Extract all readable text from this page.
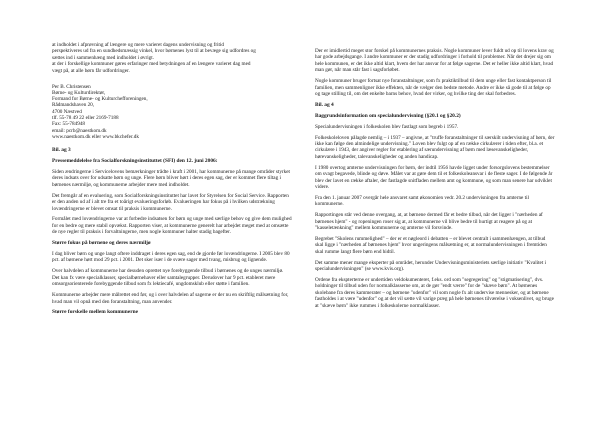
at indholdet i afprøvning af længere og mere varieret dagens undervisning og fritid
perspektiveres ud fra en sundhedsmæssig vinkel, hvor børnenes lyst til at bevæge sig udfordres og
sættes ind i sammenhæng med indholdet i øvrigt.
at der i forskellige kommuner gøres erfaringer med betydningen af en længere varieret dag med
vægt på, at alle børn får udfordringer.

Per B. Christensen
Børne- og Kulturdirektør,
Formand for Børne- og Kulturchefforeningen,
Rådmandshaven 20,
4700 Næstved
tlf. 55-78 49 22 eller 2169-7188
Fax: 55-784948
email: pcrb@naestkom.dk
www.naestkom.dk eller www.bkchefer.dk

Bil. ag 3

Pressemeddelelse fra Socialforskningsinstituttet (SFI) den 12. juni 2006:

Siden ændringerne i Servicelovens bemærkninger trådte i kraft i 2001, har kommunerne på mange områder styrket deres indsats over for udsatte børn og unge. Flere børn bliver hørt i deres egen sag, der er kommet flere tiltag i børnenes nærmiljø, og kommunerne arbejder mere med indholdet.

Det fremgår af en evaluering, som Socialforskningsinstituttet har lavet for Styrelsen for Social Service. Rapporten er den anden ud af i alt tre fra et toårigt evalueringsforløb. Evalueringen har fokus på i hvilken udstrækning lovændringerne er blevet omsat til praksis i kommunerne.

Formålet med lovændringerne var at forbedre indsatsen for børn og unge med særlige behov og give dem mulighed for en bedre og mere stabil opvækst. Rapporten viser, at kommunerne generelt har arbejdet meget med at omsætte de nye regler til praksis i forvaltningerne, men nogle kommuner halter stadig bagefter.

Større fokus på børnene og deres nærmiljø

I dag bliver børn og unge langt oftere inddraget i deres egen sag, end de gjorde før lovændringerne. I 2005 blev 80 pct. af børnene hørt mod 29 pct. i 2001. Det sker især i de svære sager med tvang, misbrug og lignende.

Over halvdelen af kommunerne har desuden oprettet nye forebyggende tilbud i børnenes og de unges nærmiljø. Det kan fx være specialklasser, specialbørnehaver eller samtalegrupper. Derudover har 9 pct. etableret mere omsorgsorienterede forebyggende tilbud som fx lektiecafé, ungdomsklub eller støtte i familien.

Kommunerne arbejder mere målrettet end før, og i over halvdelen af sagerne er der nu en skriftlig målsætning for, hvad man vil opnå med den foranstaltning, man anvender.

Større forskelle mellem kommunerne

Der er imidlertid meget stor forskel på kommunernes praksis. Nogle kommuner lever fuldt ud op til lovens krav og har gode arbejdsgange. I andre kommuner er der stadig udfordringer i forhold til problemer. Når det drejer sig om hele kommunen, er det ikke altid klart, hvem der har ansvar for at følge sagerne. Det er heller ikke altid klart, hvad man gør, når man står fast i sagsforløbet.

Nogle kommuner bruger fortsat nye foranstaltninger, som fx praktiktilbud til dem unge eller fast kontaktperson til familien, men sammenligner ikke effekten, når de vælger den bedste metode. Andre er ikke så gode til at følge op og tage stilling til, om det enkelte barns behov, hvad der virker, og hvilke ting der skal forbedres.

Bil. ag 4

Baggrundsinformation om specialundervisning (§20.1 og §20.2)

Specialundervisningen i folkeskolen blev fastlagt som begreb i 1957.

Folkeskoleloven pålagde nemlig – i 1937 – angivne, at "truffe foranstaltninger til særskilt undervisning af børn, der ikke kan følge den almindelige undervisning." Loven blev fulgt op af en række cirkulærer i tiden efter, bl.a. et cirkulære i 1943, der angiver regler for etablering af særundervisning af børn med læsevanskeligheder, hørevanskeligheder, talevanskeligheder og anden handicap.

I 1980 overtog amterne undervisningen for børn, der indtil 1956 havde ligget under forsorgslovens bestemmelser om svagt begavede, blinde og døve. Målet var at gøre dem til et folkeskoleansvar i de fleste sager. I de følgende år blev der lavet en række aftaler, der fastlagde snitfladen mellem amt og kommune, og som man senere har udviklet videre.

Fra den 1. januar 2007 overgår hele ansvaret samt økonomien vedr. 20.2 undervisningen fra amterne til kommunerne.

Rapportingen står ved denne overgang, at, at børnene dermed får et bedre tilbud, når det ligger i "nærheden af børnenes hjem" - og ropeningen roser sig at, at kommunerne vil blive bedre til hurtigt at reagere på og at "kasseletænkning" mellem kommunerne og amterne vil forsvinde.

Begrebet "Skolens rummelighed" – der er et nøgleord i debatten – er blevet centralt i sammenhængen, at tilbud skal ligge i "nærheden af børnenes hjem" hvor ungeringens målsætning er, at normalundervisningen i fremtiden skal rumme langt flere børn end hidtil.

Det samme mener mange eksperter på området, herunder Undervisningsministeriets særlige initiativ "Kvalitet i specialundervisningen" (se www.kvis.org).

Ordene fra ekspterterne er undertiden veldokumenteret, f.eks. ord som "segregering" og "stigmatisering", dvs. holdninger til tilbud uden for normalklasserne om, at de gør "endt værre" for de "skæve børn". At børnenes skolebane fra deres kammerater – og børnene "udenfor" vil som nogle fx alt undervise mennesker, og at børnene fastholdes i at være "udenfor" og at det vil sætte vil varige præg på hele børnenes tilværelse i voksenlivet, og bruge at "skæve børn" ikke rummes i folkeskolerne normalklasser.
